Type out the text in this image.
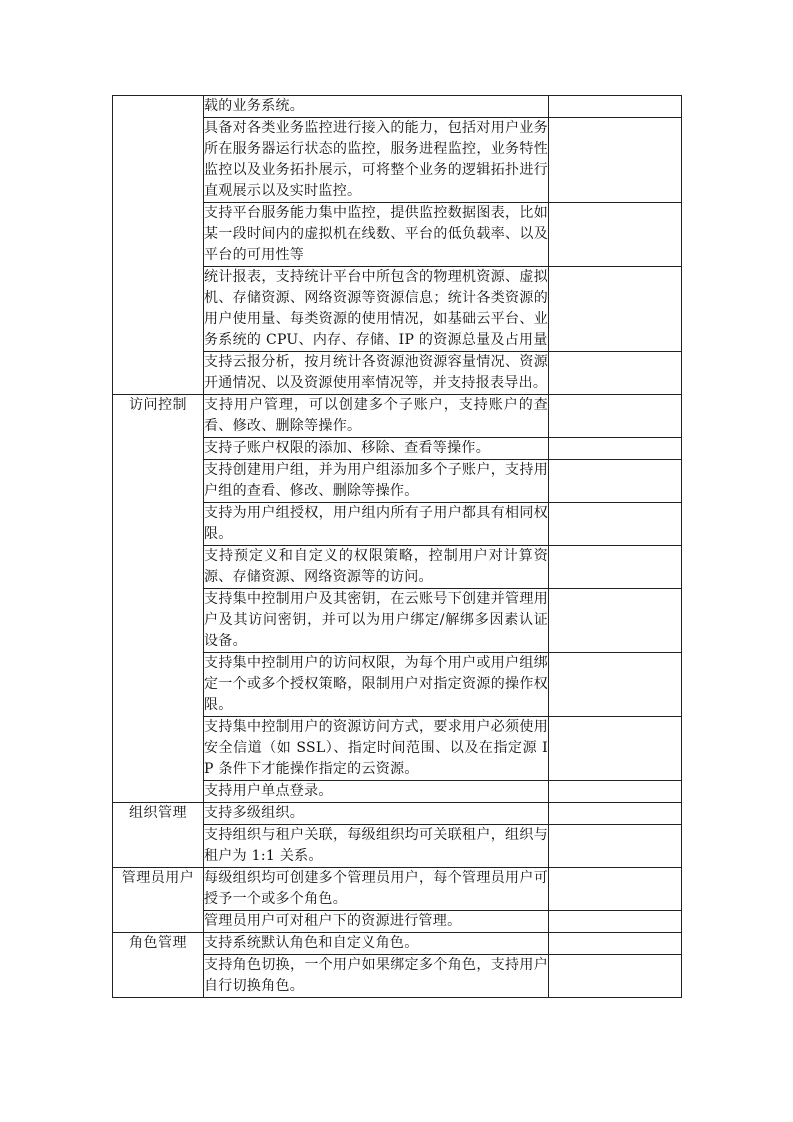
	载的业务系统。	
	具备对各类业务监控进行接入的能力，包括对用户业务所在服务器运行状态的监控，服务进程监控，业务特性监控以及业务拓扑展示，可将整个业务的逻辑拓扑进行直观展示以及实时监控。	
	支持平台服务能力集中监控，提供监控数据图表，比如某一段时间内的虚拟机在线数、平台的低负载率、以及平台的可用性等	
	统计报表，支持统计平台中所包含的物理机资源、虚拟机、存储资源、网络资源等资源信息；统计各类资源的用户使用量、每类资源的使用情况，如基础云平台、业务系统的 CPU、内存、存储、IP 的资源总量及占用量	
	支持云报分析，按月统计各资源池资源容量情况、资源开通情况、以及资源使用率情况等，并支持报表导出。	
访问控制	支持用户管理，可以创建多个子账户，支持账户的查看、修改、删除等操作。	
	支持子账户权限的添加、移除、查看等操作。	
	支持创建用户组，并为用户组添加多个子账户，支持用户组的查看、修改、删除等操作。	
	支持为用户组授权，用户组内所有子用户都具有相同权限。	
	支持预定义和自定义的权限策略，控制用户对计算资源、存储资源、网络资源等的访问。	
	支持集中控制用户及其密钥，在云账号下创建并管理用户及其访问密钥，并可以为用户绑定/解绑多因素认证设备。	
	支持集中控制用户的访问权限，为每个用户或用户组绑定一个或多个授权策略，限制用户对指定资源的操作权限。	
	支持集中控制用户的资源访问方式，要求用户必须使用安全信道（如 SSL）、指定时间范围、以及在指定源 IP 条件下才能操作指定的云资源。	
	支持用户单点登录。	
组织管理	支持多级组织。	
	支持组织与租户关联，每级组织均可关联租户，组织与租户为 1:1 关系。	
管理员用户	每级组织均可创建多个管理员用户，每个管理员用户可授予一个或多个角色。	
	管理员用户可对租户下的资源进行管理。	
角色管理	支持系统默认角色和自定义角色。	
	支持角色切换，一个用户如果绑定多个角色，支持用户自行切换角色。	
